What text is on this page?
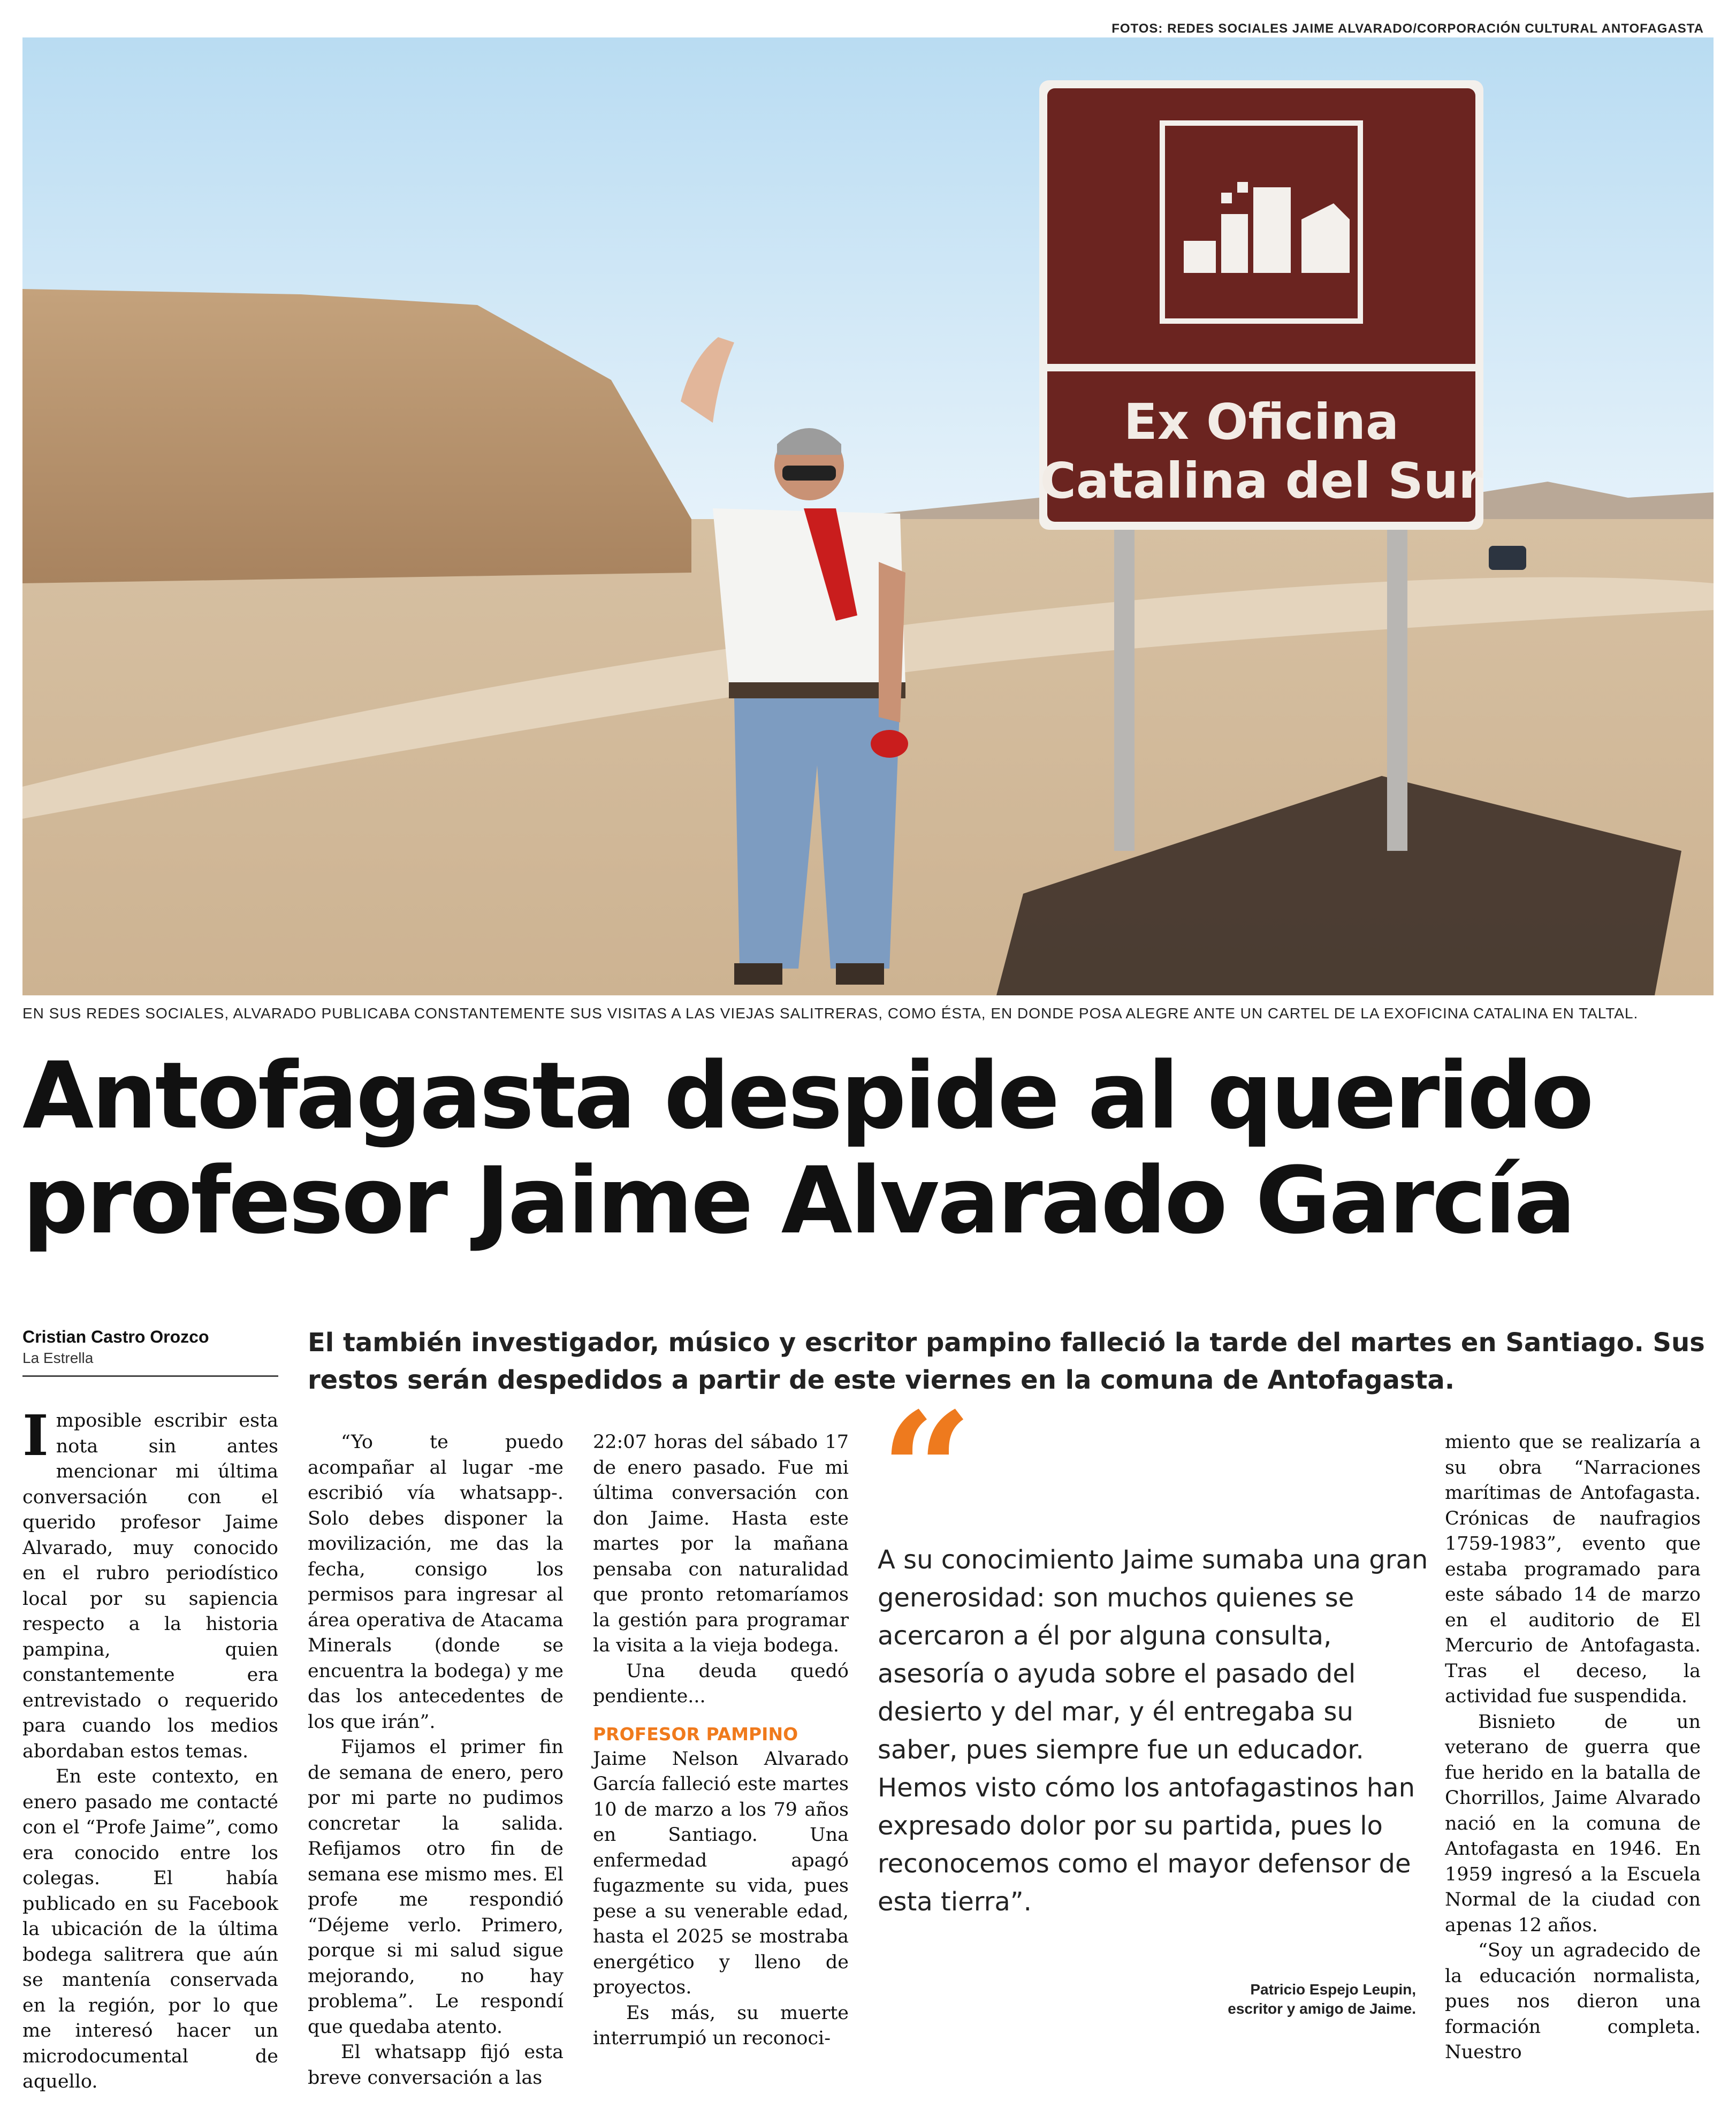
FOTOS: REDES SOCIALES JAIME ALVARADO/CORPORACIÓN CULTURAL ANTOFAGASTA
Ex Oficina
Catalina del Sur
EN SUS REDES SOCIALES, ALVARADO PUBLICABA CONSTANTEMENTE SUS VISITAS A LAS VIEJAS SALITRERAS, COMO ÉSTA, EN DONDE POSA ALEGRE ANTE UN CARTEL DE LA EXOFICINA CATALINA EN TALTAL.
Antofagasta despide al querido
profesor Jaime Alvarado García
Cristian Castro Orozco
La Estrella

El también investigador, músico y escritor pampino falleció la tarde del martes en Santiago. Sus restos serán despedidos a partir de este viernes en la comuna de Antofagasta.

Imposible escribir esta nota sin antes mencionar mi última conversación con el querido profesor Jaime Alvarado, muy conocido en el rubro periodístico local por su sapiencia respecto a la historia pampina, quien constantemente era entrevistado o requerido para cuando los medios abordaban estos temas.

En este contexto, en enero pasado me contacté con el “Profe Jaime”, como era conocido entre los colegas. El había publicado en su Facebook la ubicación de la última bodega salitrera que aún se mantenía conservada en la región, por lo que me interesó hacer un microdocumental de aquello.

“Yo te puedo acompañar al lugar -me escribió vía whatsapp-. Solo debes disponer la movilización, me das la fecha, consigo los permisos para ingresar al área operativa de Atacama Minerals (donde se encuentra la bodega) y me das los antecedentes de los que irán”.

Fijamos el primer fin de semana de enero, pero por mi parte no pudimos concretar la salida. Refijamos otro fin de semana ese mismo mes. El profe me respondió “Déjeme verlo. Primero, porque si mi salud sigue mejorando, no hay problema”. Le respondí que quedaba atento.

El whatsapp fijó esta breve conversación a las

22:07 horas del sábado 17 de enero pasado. Fue mi última conversación con don Jaime. Hasta este martes por la mañana pensaba con naturalidad que pronto retomaríamos la gestión para programar la visita a la vieja bodega.

Una deuda quedó pendiente...

PROFESOR PAMPINO

Jaime Nelson Alvarado García falleció este martes 10 de marzo a los 79 años en Santiago. Una enfermedad apagó fugazmente su vida, pues pese a su venerable edad, hasta el 2025 se mostraba energético y lleno de proyectos.

Es más, su muerte interrumpió un reconoci-

“

A su conocimiento Jaime sumaba una gran generosidad: son muchos quienes se acercaron a él por alguna consulta, asesoría o ayuda sobre el pasado del desierto y del mar, y él entregaba su saber, pues siempre fue un educador. Hemos visto cómo los antofagastinos han expresado dolor por su partida, pues lo reconocemos como el mayor defensor de esta tierra”.

Patricio Espejo Leupin,
escritor y amigo de Jaime.

miento que se realizaría a su obra “Narraciones marítimas de Antofagasta. Crónicas de naufragios 1759-1983”, evento que estaba programado para este sábado 14 de marzo en el auditorio de El Mercurio de Antofagasta. Tras el deceso, la actividad fue suspendida.

Bisnieto de un veterano de guerra que fue herido en la batalla de Chorrillos, Jaime Alvarado nació en la comuna de Antofagasta en 1946. En 1959 ingresó a la Escuela Normal de la ciudad con apenas 12 años.

“Soy un agradecido de la educación normalista, pues nos dieron una formación completa. Nuestro
